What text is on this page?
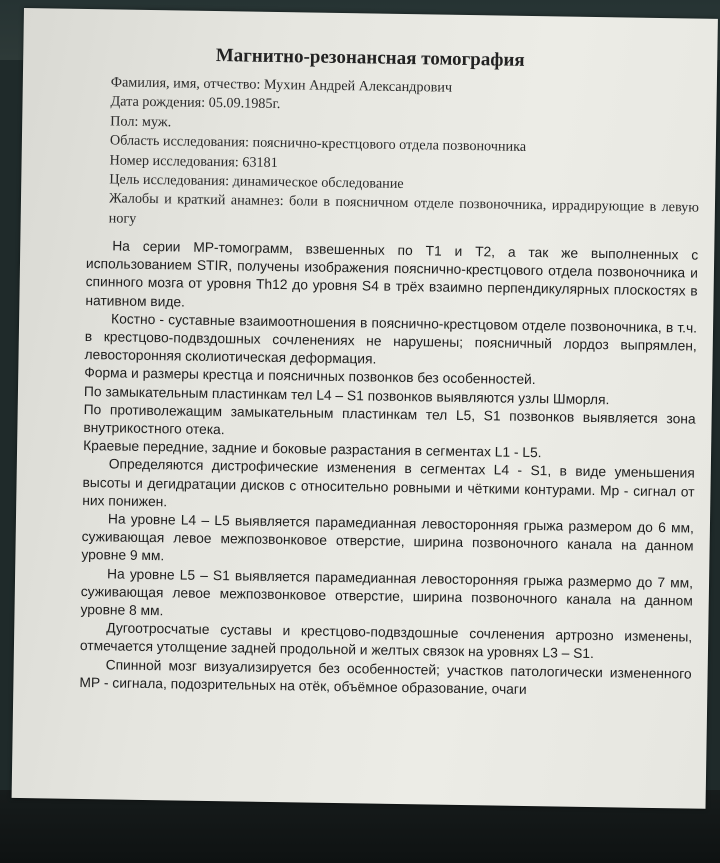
Магнитно-резонансная томография
Фамилия, имя, отчество: Мухин Андрей Александрович
Дата рождения: 05.09.1985г.
Пол: муж.
Область исследования: пояснично-крестцового отдела позвоночника
Номер исследования: 63181
Цель исследования: динамическое обследование
Жалобы и краткий анамнез: боли в поясничном отделе позвоночника, иррадирующие в левую ногу

На серии МР-томограмм, взвешенных по Т1 и Т2, а так же выполненных с использованием STIR, получены изображения пояснично-крестцового отдела позвоночника и спинного мозга от уровня Th12 до уровня S4 в трёх взаимно перпендикулярных плоскостях в нативном виде.

Костно - суставные взаимоотношения в пояснично-крестцовом отделе позвоночника, в т.ч. в крестцово-подвздошных сочленениях не нарушены; поясничный лордоз выпрямлен, левосторонняя сколиотическая деформация.

Форма и размеры крестца и поясничных позвонков без особенностей.

По замыкательным пластинкам тел L4 – S1 позвонков выявляются узлы Шморля.

По противолежащим замыкательным пластинкам тел L5, S1 позвонков выявляется зона внутрикостного отека.

Краевые передние, задние и боковые разрастания в сегментах L1 - L5.

Определяются дистрофические изменения в сегментах L4 - S1, в виде уменьшения высоты и дегидратации дисков с относительно ровными и чёткими контурами. Мр - сигнал от них понижен.

На уровне L4 – L5 выявляется парамедианная левосторонняя грыжа размером до 6 мм, суживающая левое межпозвонковое отверстие, ширина позвоночного канала на данном уровне 9 мм.

На уровне L5 – S1 выявляется парамедианная левосторонняя грыжа размермо до 7 мм, суживающая левое межпозвонковое отверстие, ширина позвоночного канала на данном уровне 8 мм.

Дугоотросчатые суставы и крестцово-подвздошные сочленения артрозно изменены, отмечается утолщение задней продольной и желтых связок на уровнях L3 – S1.

Спинной мозг визуализируется без особенностей; участков патологически измененного МР - сигнала, подозрительных на отёк, объёмное образование, очаги
